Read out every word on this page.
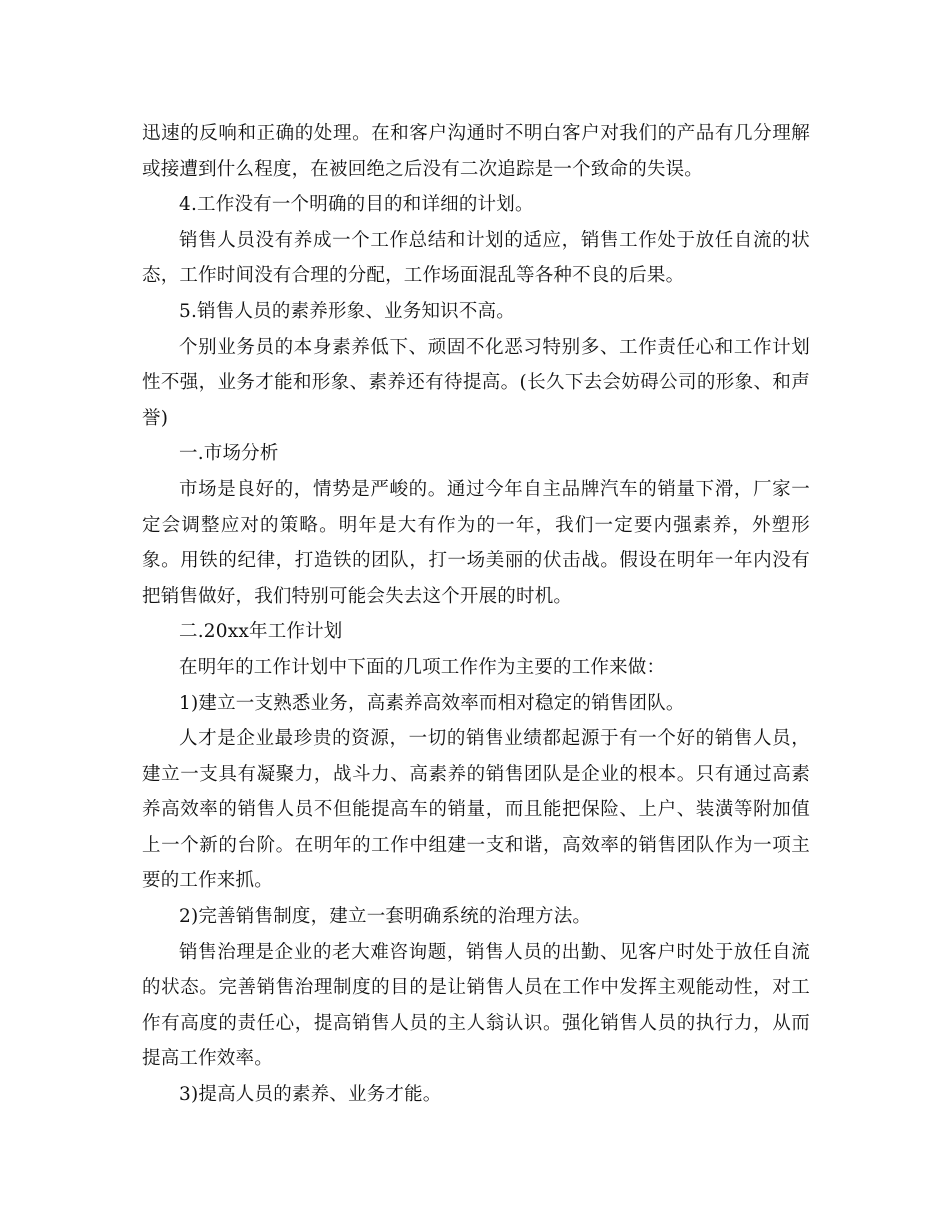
迅速的反响和正确的处理。在和客户沟通时不明白客户对我们的产品有几分理解或接遭到什么程度，在被回绝之后没有二次追踪是一个致命的失误。

4.工作没有一个明确的目的和详细的计划。

销售人员没有养成一个工作总结和计划的适应，销售工作处于放任自流的状态，工作时间没有合理的分配，工作场面混乱等各种不良的后果。

5.销售人员的素养形象、业务知识不高。

个别业务员的本身素养低下、顽固不化恶习特别多、工作责任心和工作计划性不强，业务才能和形象、素养还有待提高。(长久下去会妨碍公司的形象、和声誉)

一.市场分析

市场是良好的，情势是严峻的。通过今年自主品牌汽车的销量下滑，厂家一定会调整应对的策略。明年是大有作为的一年，我们一定要内强素养，外塑形象。用铁的纪律，打造铁的团队，打一场美丽的伏击战。假设在明年一年内没有把销售做好，我们特别可能会失去这个开展的时机。

二.20xx年工作计划

在明年的工作计划中下面的几项工作作为主要的工作来做：

1)建立一支熟悉业务，高素养高效率而相对稳定的销售团队。

人才是企业最珍贵的资源，一切的销售业绩都起源于有一个好的销售人员，建立一支具有凝聚力，战斗力、高素养的销售团队是企业的根本。只有通过高素养高效率的销售人员不但能提高车的销量，而且能把保险、上户、装潢等附加值上一个新的台阶。在明年的工作中组建一支和谐，高效率的销售团队作为一项主要的工作来抓。

2)完善销售制度，建立一套明确系统的治理方法。

销售治理是企业的老大难咨询题，销售人员的出勤、见客户时处于放任自流的状态。完善销售治理制度的目的是让销售人员在工作中发挥主观能动性，对工作有高度的责任心，提高销售人员的主人翁认识。强化销售人员的执行力，从而提高工作效率。

3)提高人员的素养、业务才能。
